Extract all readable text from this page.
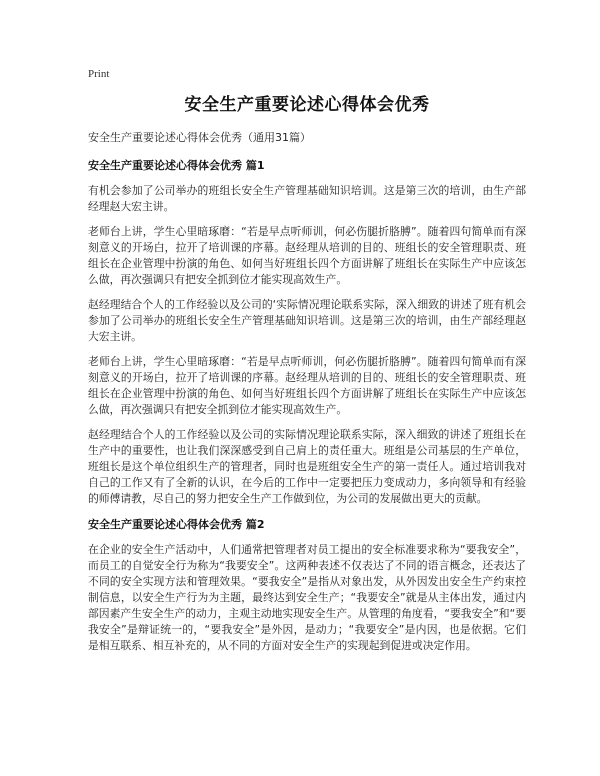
Print
安全生产重要论述心得体会优秀
安全生产重要论述心得体会优秀（通用31篇）
安全生产重要论述心得体会优秀 篇1

有机会参加了公司举办的班组长安全生产管理基础知识培训。这是第三次的培训，由生产部经理赵大宏主讲。

老师台上讲，学生心里暗琢磨：“若是早点听师训，何必伤腿折胳膊”。随着四句简单而有深刻意义的开场白，拉开了培训课的序幕。赵经理从培训的目的、班组长的安全管理职责、班组长在企业管理中扮演的角色、如何当好班组长四个方面讲解了班组长在实际生产中应该怎么做，再次强调只有把安全抓到位才能实现高效生产。

赵经理结合个人的工作经验以及公司的‘实际情况理论联系实际，深入细致的讲述了班有机会参加了公司举办的班组长安全生产管理基础知识培训。这是第三次的培训，由生产部经理赵大宏主讲。

老师台上讲，学生心里暗琢磨：“若是早点听师训，何必伤腿折胳膊”。随着四句简单而有深刻意义的开场白，拉开了培训课的序幕。赵经理从培训的目的、班组长的安全管理职责、班组长在企业管理中扮演的角色、如何当好班组长四个方面讲解了班组长在实际生产中应该怎么做，再次强调只有把安全抓到位才能实现高效生产。

赵经理结合个人的工作经验以及公司的实际情况理论联系实际，深入细致的讲述了班组长在生产中的重要性，也让我们深深感受到自己肩上的责任重大。班组是公司基层的生产单位，班组长是这个单位组织生产的管理者，同时也是班组安全生产的第一责任人。通过培训我对自己的工作又有了全新的认识，在今后的工作中一定要把压力变成动力，多向领导和有经验的师傅请教，尽自己的努力把安全生产工作做到位，为公司的发展做出更大的贡献。

安全生产重要论述心得体会优秀 篇2

在企业的安全生产活动中，人们通常把管理者对员工提出的安全标准要求称为“要我安全”，而员工的自觉安全行为称为“我要安全”。这两种表述不仅表达了不同的语言概念，还表达了不同的安全实现方法和管理效果。“要我安全”是指从对象出发，从外因发出安全生产约束控制信息，以安全生产行为为主题，最终达到安全生产；“我要安全”就是从主体出发，通过内部因素产生安全生产的动力，主观主动地实现安全生产。从管理的角度看，“要我安全”和“要我安全”是辩证统一的，“要我安全”是外因，是动力；“我要安全”是内因，也是依据。它们是相互联系、相互补充的，从不同的方面对安全生产的实现起到促进或决定作用。
